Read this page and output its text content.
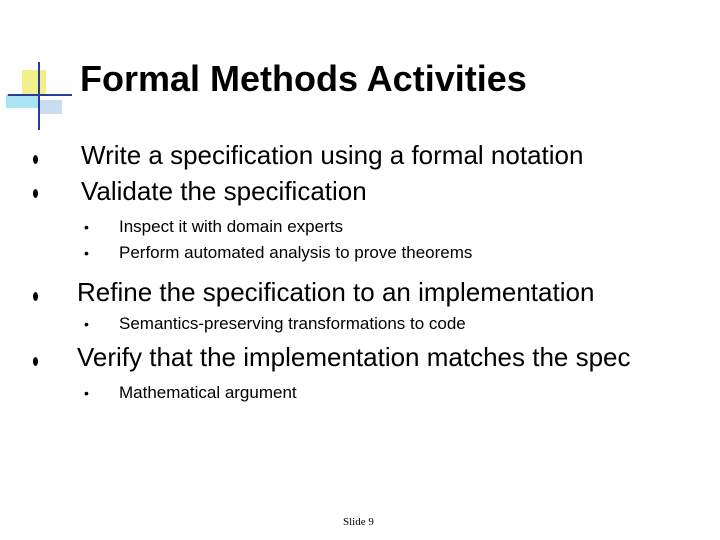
Formal Methods Activities
Write a specification using a formal notation
Validate the specification
• Inspect it with domain experts
• Perform automated analysis to prove theorems
Refine the specification to an implementation
• Semantics-preserving transformations to code
Verify that the implementation matches the spec
• Mathematical argument
Slide 9
